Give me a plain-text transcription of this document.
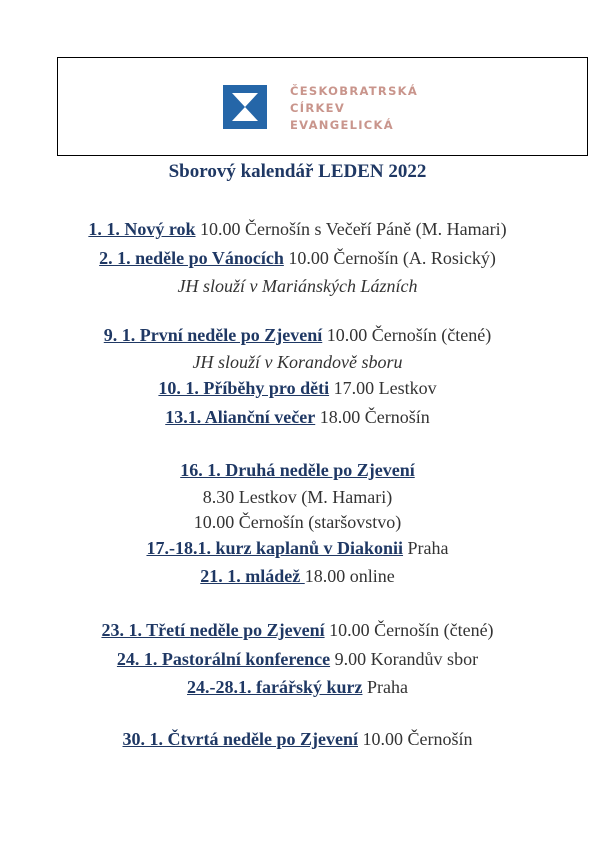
ČESKOBRATRSKÁ
CÍRKEV
EVANGELICKÁ
Sborový kalendář LEDEN 2022
1. 1. Nový rok 10.00 Černošín s Večeří Páně (M. Hamari)
2. 1. neděle po Vánocích 10.00 Černošín (A. Rosický)
JH slouží v Mariánských Lázních
9. 1. První neděle po Zjevení 10.00 Černošín (čtené)
JH slouží v Korandově sboru
10. 1. Příběhy pro děti 17.00 Lestkov
13.1. Alianční večer 18.00 Černošín
16. 1. Druhá neděle po Zjevení
8.30 Lestkov (M. Hamari)
10.00 Černošín (staršovstvo)
17.-18.1. kurz kaplanů v Diakonii Praha
21. 1. mládež 18.00 online
23. 1. Třetí neděle po Zjevení 10.00 Černošín (čtené)
24. 1. Pastorální konference 9.00 Korandův sbor
24.-28.1. farářský kurz Praha
30. 1. Čtvrtá neděle po Zjevení 10.00 Černošín
